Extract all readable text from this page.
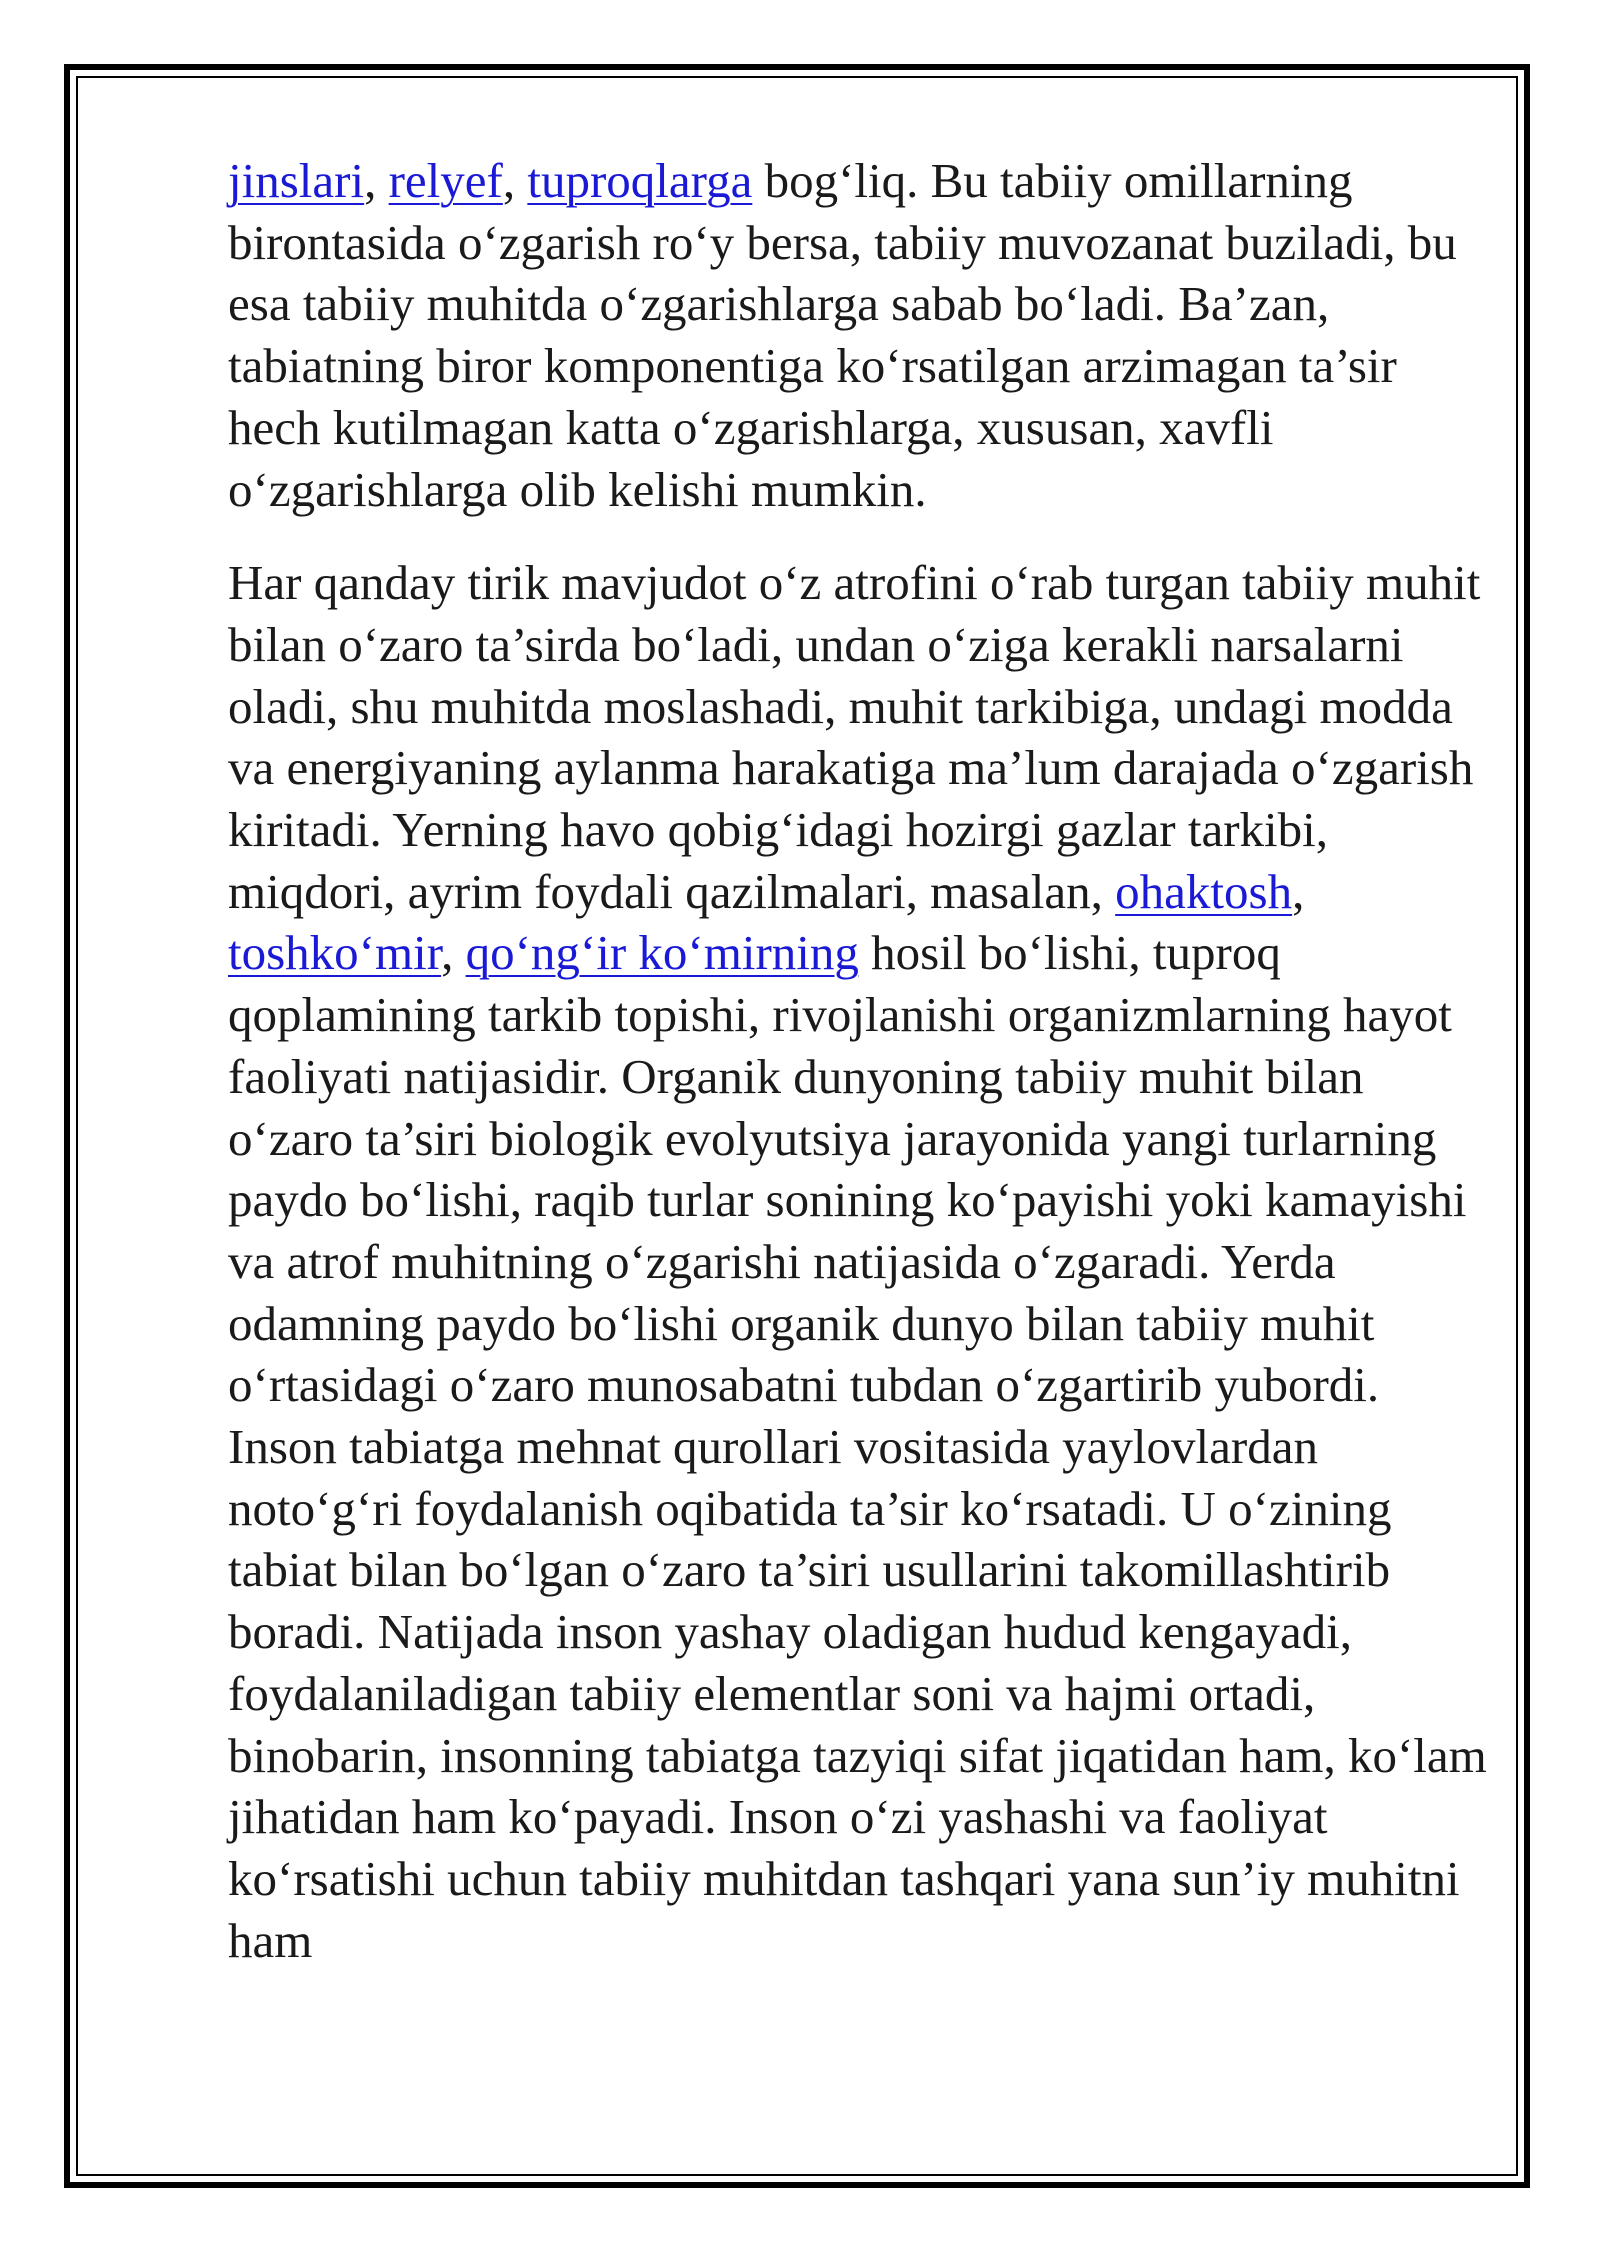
jinslari, relyef, tuproqlarga bog‘liq. Bu tabiiy omillarning birontasida o‘zgarish ro‘y bersa, tabiiy muvozanat buziladi, bu esa tabiiy muhitda o‘zgarishlarga sabab bo‘ladi. Ba’zan, tabiatning biror komponentiga ko‘rsatilgan arzimagan ta’sir hech kutilmagan katta o‘zgarishlarga, xususan, xavfli o‘zgarishlarga olib kelishi mumkin.

Har qanday tirik mavjudot o‘z atrofini o‘rab turgan tabiiy muhit bilan o‘zaro ta’sirda bo‘ladi, undan o‘ziga kerakli narsalarni oladi, shu muhitda moslashadi, muhit tarkibiga, undagi modda va energiyaning aylanma harakatiga ma’lum darajada o‘zgarish kiritadi. Yerning havo qobig‘idagi hozirgi gazlar tarkibi, miqdori, ayrim foydali qazilmalari, masalan, ohaktosh, toshko‘mir, qo‘ng‘ir ko‘mirning hosil bo‘lishi, tuproq qoplamining tarkib topishi, rivojlanishi organizmlarning hayot faoliyati natijasidir. Organik dunyoning tabiiy muhit bilan o‘zaro ta’siri biologik evolyutsiya jarayonida yangi turlarning paydo bo‘lishi, raqib turlar sonining ko‘payishi yoki kamayishi va atrof muhitning o‘zgarishi natijasida o‘zgaradi. Yerda odamning paydo bo‘lishi organik dunyo bilan tabiiy muhit o‘rtasidagi o‘zaro munosabatni tubdan o‘zgartirib yubordi. Inson tabiatga mehnat qurollari vositasida yaylovlardan noto‘g‘ri foydalanish oqibatida ta’sir ko‘rsatadi. U o‘zining tabiat bilan bo‘lgan o‘zaro ta’siri usullarini takomillashtirib boradi. Natijada inson yashay oladigan hudud kengayadi, foydalaniladigan tabiiy elementlar soni va hajmi ortadi, binobarin, insonning tabiatga tazyiqi sifat jiqatidan ham, ko‘lam jihatidan ham ko‘payadi. Inson o‘zi yashashi va faoliyat ko‘rsatishi uchun tabiiy muhitdan tashqari yana sun’iy muhitni ham
